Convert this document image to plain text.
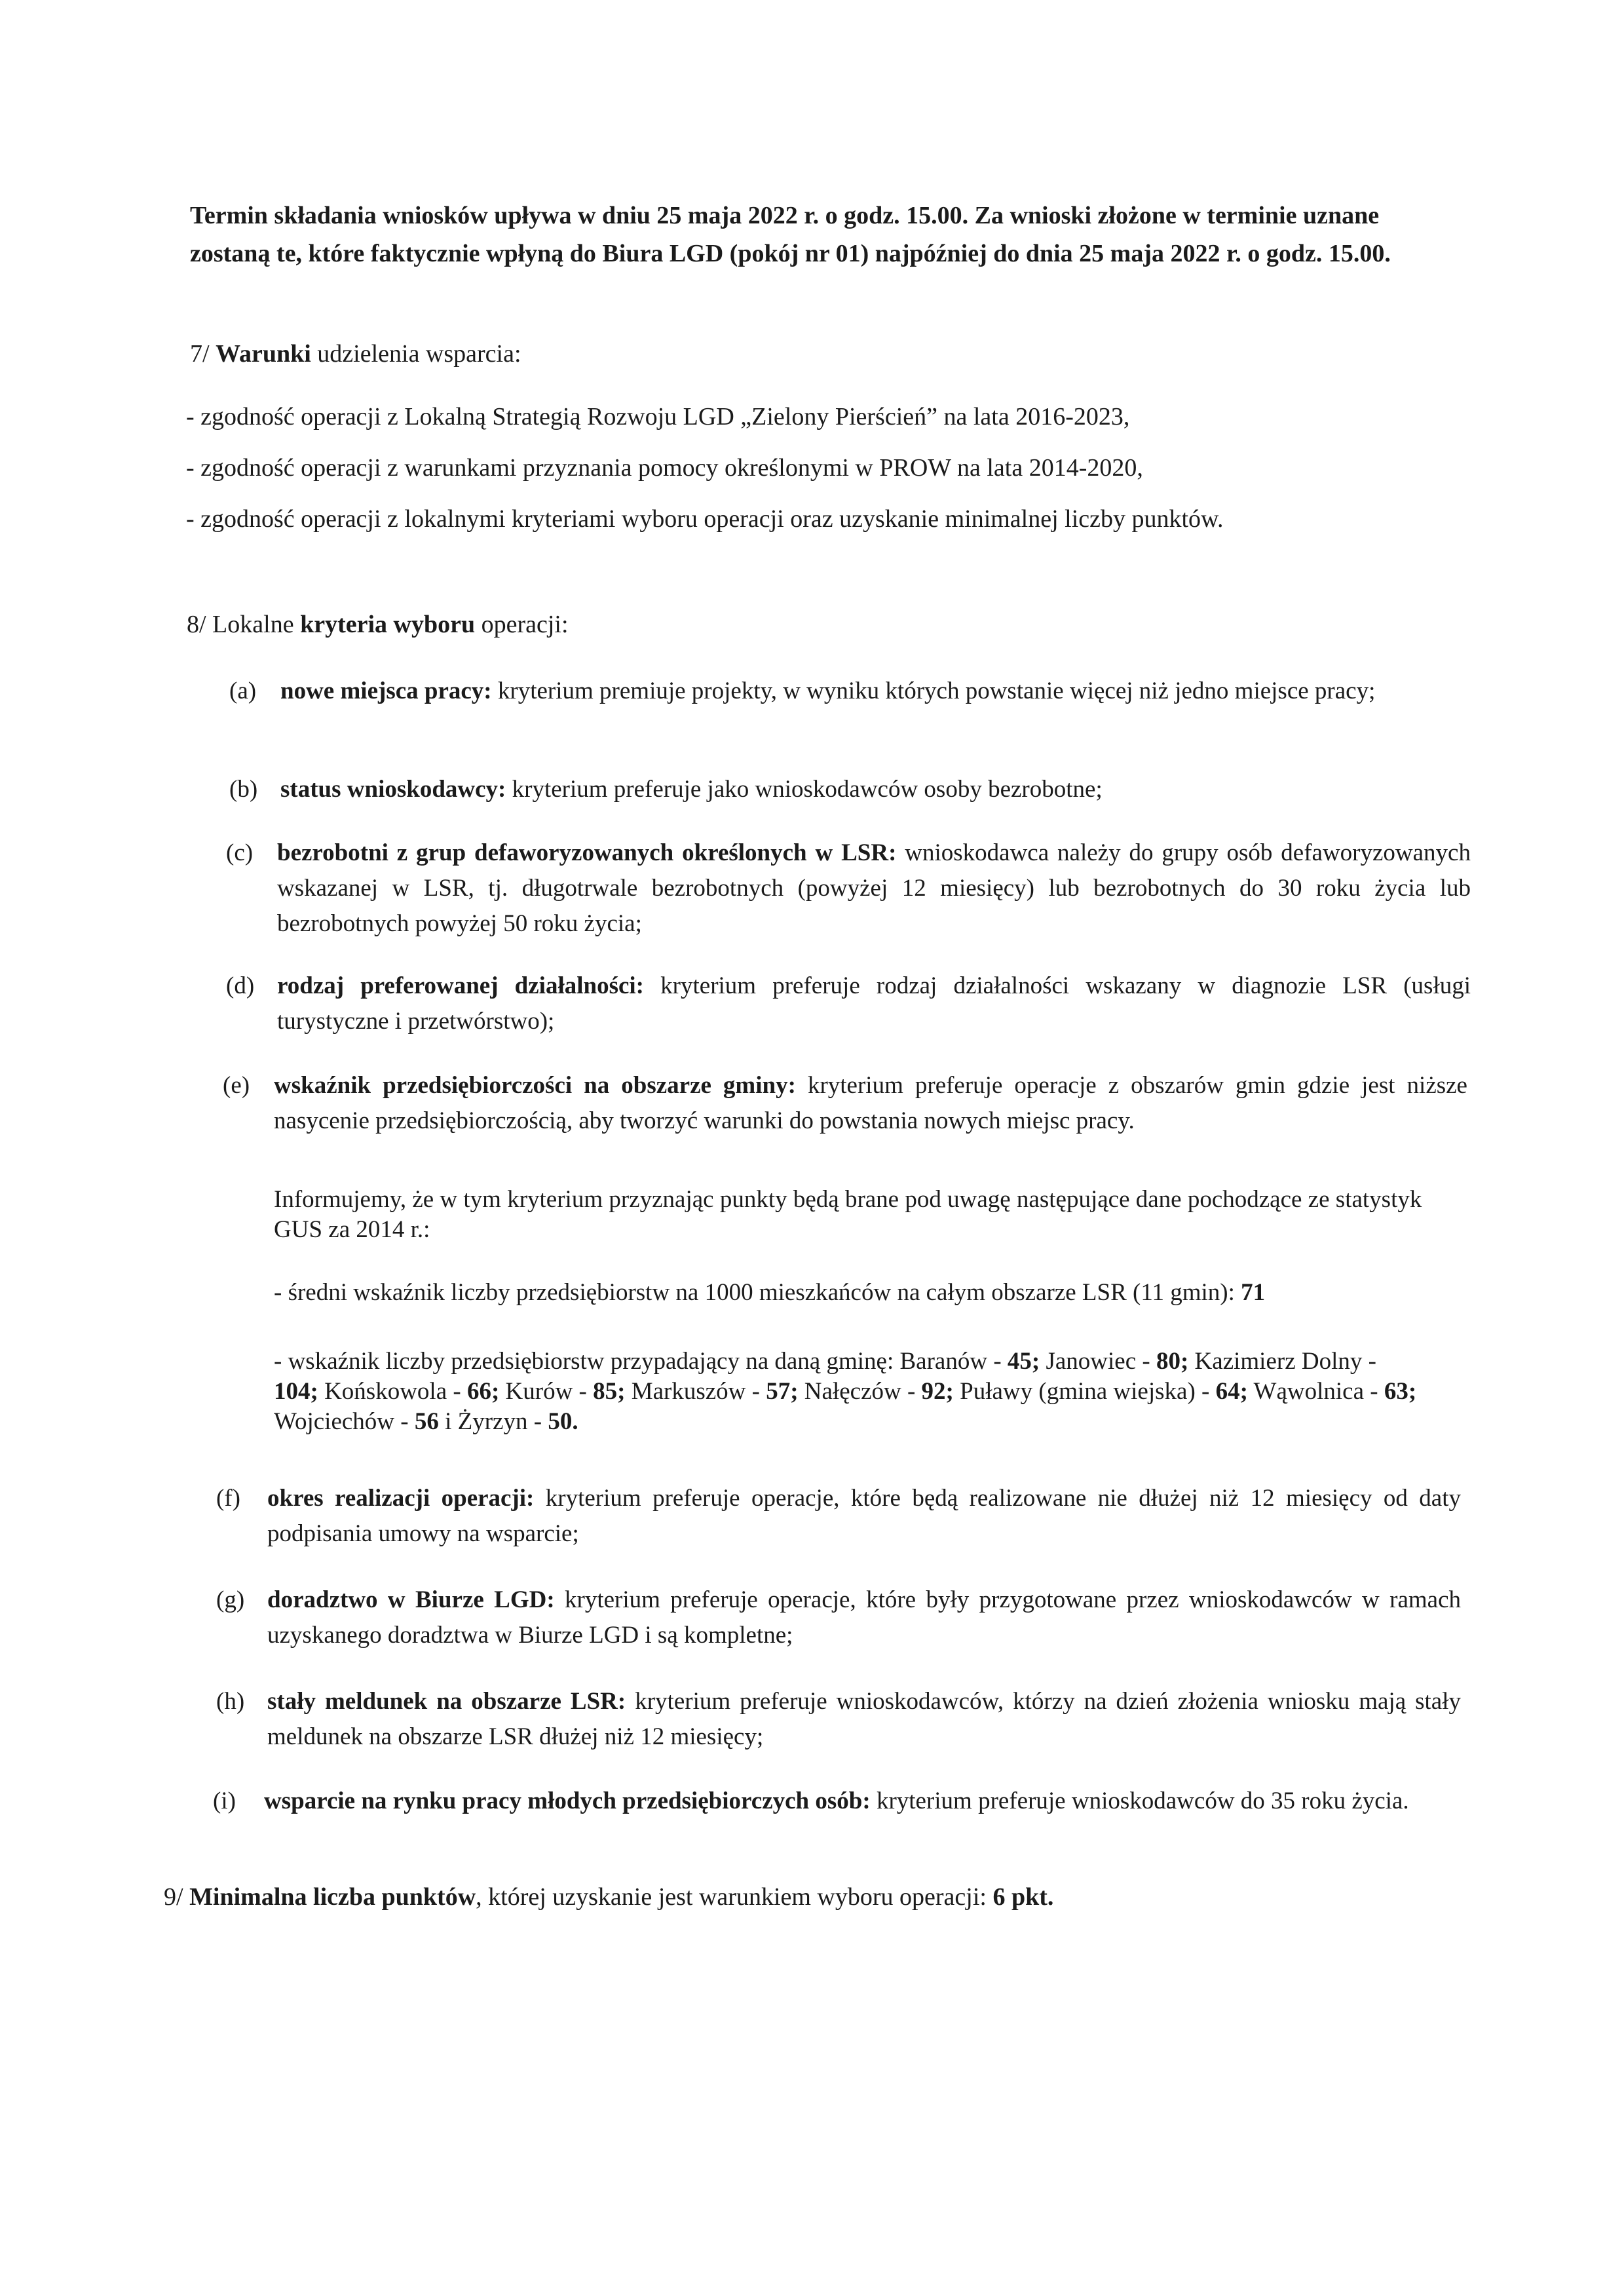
Termin składania wniosków upływa w dniu 25 maja 2022 r. o godz. 15.00. Za wnioski złożone w terminie uznane zostaną te, które faktycznie wpłyną do Biura LGD (pokój nr 01) najpóźniej do dnia 25 maja 2022 r. o godz. 15.00.
7/ Warunki udzielenia wsparcia:
- zgodność operacji z Lokalną Strategią Rozwoju LGD „Zielony Pierścień” na lata 2016-2023,
- zgodność operacji z warunkami przyznania pomocy określonymi w PROW na lata 2014-2020,
- zgodność operacji z lokalnymi kryteriami wyboru operacji oraz uzyskanie minimalnej liczby punktów.
8/ Lokalne kryteria wyboru operacji:
(a) nowe miejsca pracy: kryterium premiuje projekty, w wyniku których powstanie więcej niż jedno miejsce pracy;
(b) status wnioskodawcy: kryterium preferuje jako wnioskodawców osoby bezrobotne;
(c) bezrobotni z grup defaworyzowanych określonych w LSR: wnioskodawca należy do grupy osób defaworyzowanych wskazanej w LSR, tj. długotrwale bezrobotnych (powyżej 12 miesięcy) lub bezrobotnych do 30 roku życia lub bezrobotnych powyżej 50 roku życia;
(d) rodzaj preferowanej działalności: kryterium preferuje rodzaj działalności wskazany w diagnozie LSR (usługi turystyczne i przetwórstwo);
(e) wskaźnik przedsiębiorczości na obszarze gminy: kryterium preferuje operacje z obszarów gmin gdzie jest niższe nasycenie przedsiębiorczością, aby tworzyć warunki do powstania nowych miejsc pracy.
Informujemy, że w tym kryterium przyznając punkty będą brane pod uwagę następujące dane pochodzące ze statystyk GUS za 2014 r.:
- średni wskaźnik liczby przedsiębiorstw na 1000 mieszkańców na całym obszarze LSR (11 gmin): 71
- wskaźnik liczby przedsiębiorstw przypadający na daną gminę: Baranów - 45; Janowiec - 80; Kazimierz Dolny - 104; Końskowola - 66; Kurów - 85; Markuszów - 57; Nałęczów - 92; Puławy (gmina wiejska) - 64; Wąwolnica - 63; Wojciechów - 56 i Żyrzyn - 50.
(f)	okres realizacji operacji: kryterium preferuje operacje, które będą realizowane nie dłużej niż 12 miesięcy od daty podpisania umowy na wsparcie;
(g) doradztwo w Biurze LGD: kryterium preferuje operacje, które były przygotowane przez wnioskodawców w ramach uzyskanego doradztwa w Biurze LGD i są kompletne;
(h) stały meldunek na obszarze LSR: kryterium preferuje wnioskodawców, którzy na dzień złożenia wniosku mają stały meldunek na obszarze LSR dłużej niż 12 miesięcy;
(i)	wsparcie na rynku pracy młodych przedsiębiorczych osób: kryterium preferuje wnioskodawców do 35 roku życia.
9/ Minimalna liczba punktów, której uzyskanie jest warunkiem wyboru operacji: 6 pkt.
